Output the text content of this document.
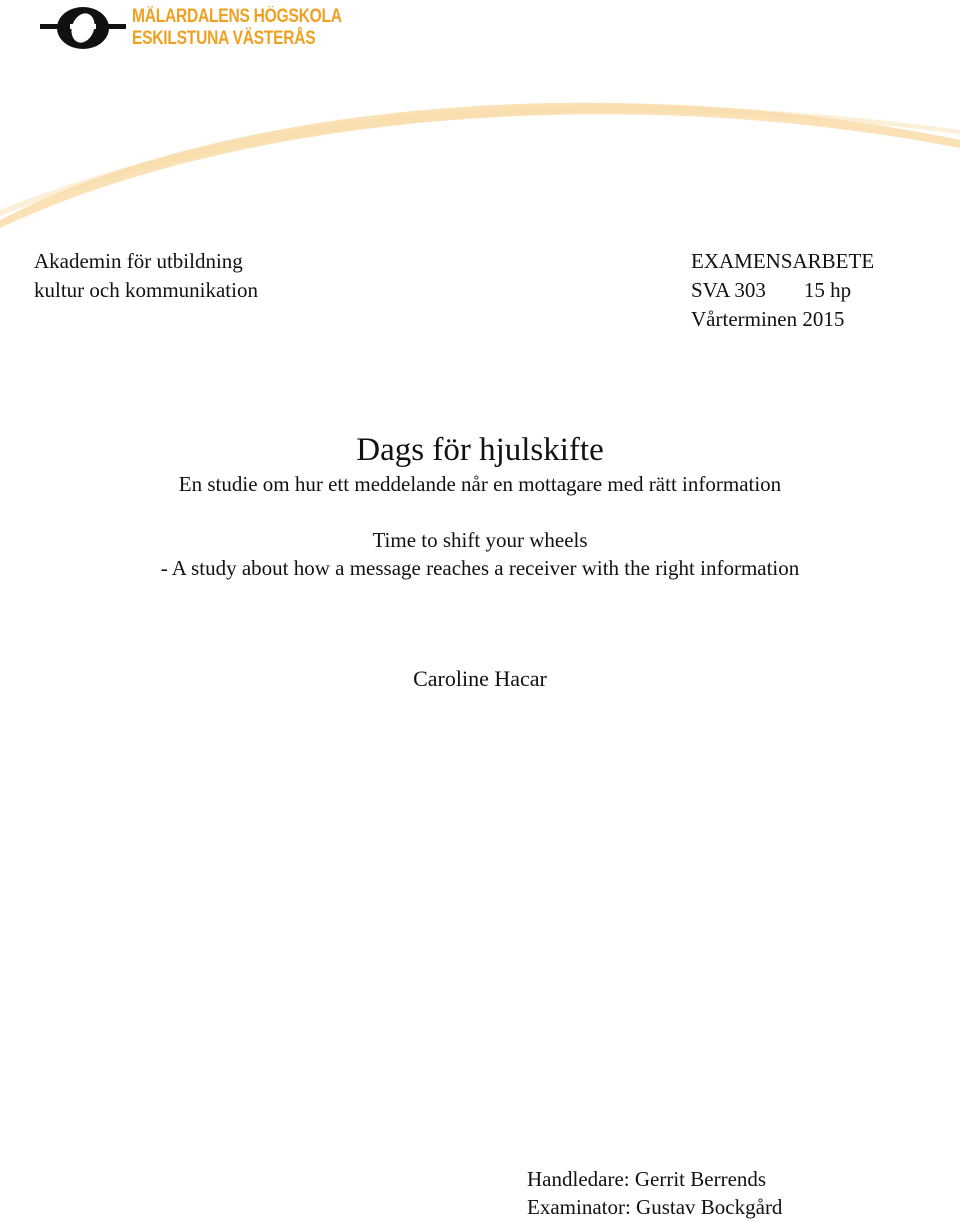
MÄLARDALENS HÖGSKOLA
ESKILSTUNA VÄSTERÅS
Akademin för utbildning
kultur och kommunikation
EXAMENSARBETE
SVA 303 15 hp
Vårterminen 2015
Dags för hjulskifte
En studie om hur ett meddelande når en mottagare med rätt information
Time to shift your wheels
- A study about how a message reaches a receiver with the right information
Caroline Hacar
Handledare: Gerrit Berrends
Examinator: Gustav Bockgård
